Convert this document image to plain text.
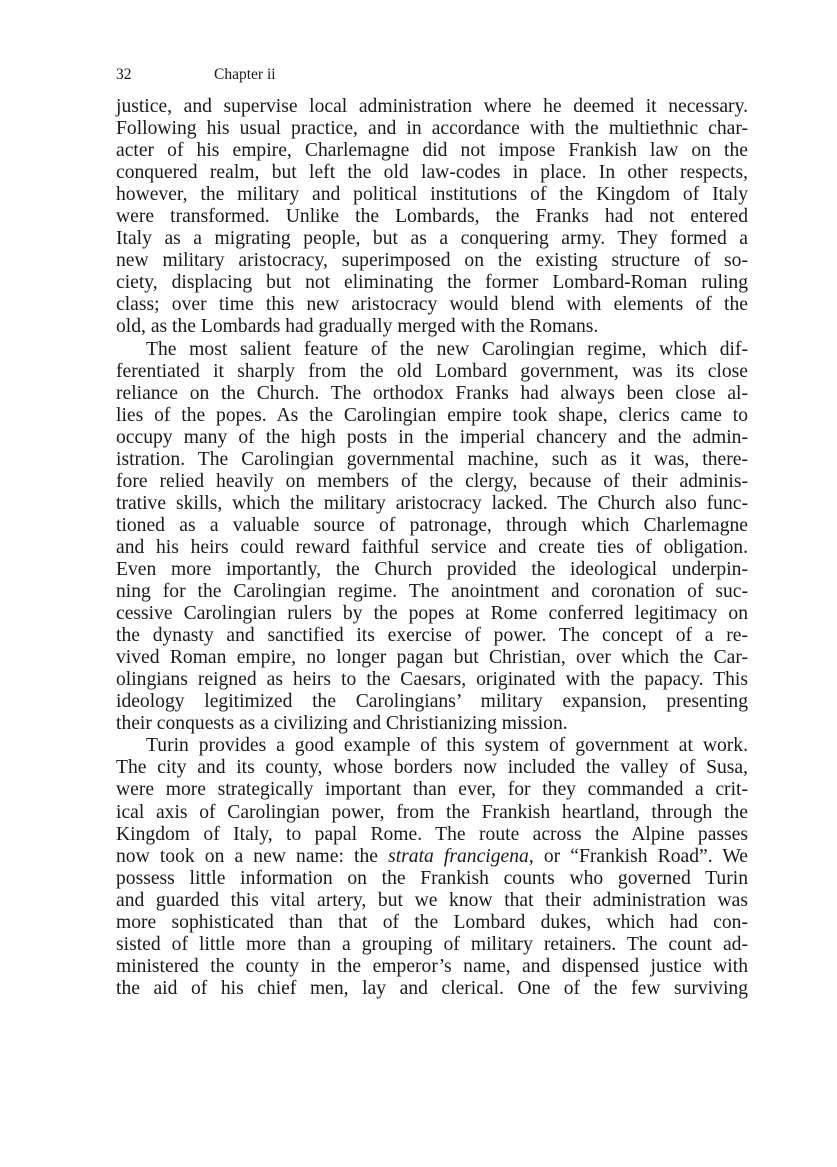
32	Chapter ii
justice, and supervise local administration where he deemed it necessary.
Following his usual practice, and in accordance with the multiethnic char-
acter of his empire, Charlemagne did not impose Frankish law on the
conquered realm, but left the old law-codes in place. In other respects,
however, the military and political institutions of the Kingdom of Italy
were transformed. Unlike the Lombards, the Franks had not entered
Italy as a migrating people, but as a conquering army. They formed a
new military aristocracy, superimposed on the existing structure of so-
ciety, displacing but not eliminating the former Lombard-Roman ruling
class; over time this new aristocracy would blend with elements of the
old, as the Lombards had gradually merged with the Romans.
The most salient feature of the new Carolingian regime, which dif-
ferentiated it sharply from the old Lombard government, was its close
reliance on the Church. The orthodox Franks had always been close al-
lies of the popes. As the Carolingian empire took shape, clerics came to
occupy many of the high posts in the imperial chancery and the admin-
istration. The Carolingian governmental machine, such as it was, there-
fore relied heavily on members of the clergy, because of their adminis-
trative skills, which the military aristocracy lacked. The Church also func-
tioned as a valuable source of patronage, through which Charlemagne
and his heirs could reward faithful service and create ties of obligation.
Even more importantly, the Church provided the ideological underpin-
ning for the Carolingian regime. The anointment and coronation of suc-
cessive Carolingian rulers by the popes at Rome conferred legitimacy on
the dynasty and sanctified its exercise of power. The concept of a re-
vived Roman empire, no longer pagan but Christian, over which the Car-
olingians reigned as heirs to the Caesars, originated with the papacy. This
ideology legitimized the Carolingians’ military expansion, presenting
their conquests as a civilizing and Christianizing mission.
Turin provides a good example of this system of government at work.
The city and its county, whose borders now included the valley of Susa,
were more strategically important than ever, for they commanded a crit-
ical axis of Carolingian power, from the Frankish heartland, through the
Kingdom of Italy, to papal Rome. The route across the Alpine passes
now took on a new name: the strata francigena, or “Frankish Road”. We
possess little information on the Frankish counts who governed Turin
and guarded this vital artery, but we know that their administration was
more sophisticated than that of the Lombard dukes, which had con-
sisted of little more than a grouping of military retainers. The count ad-
ministered the county in the emperor’s name, and dispensed justice with
the aid of his chief men, lay and clerical. One of the few surviving
